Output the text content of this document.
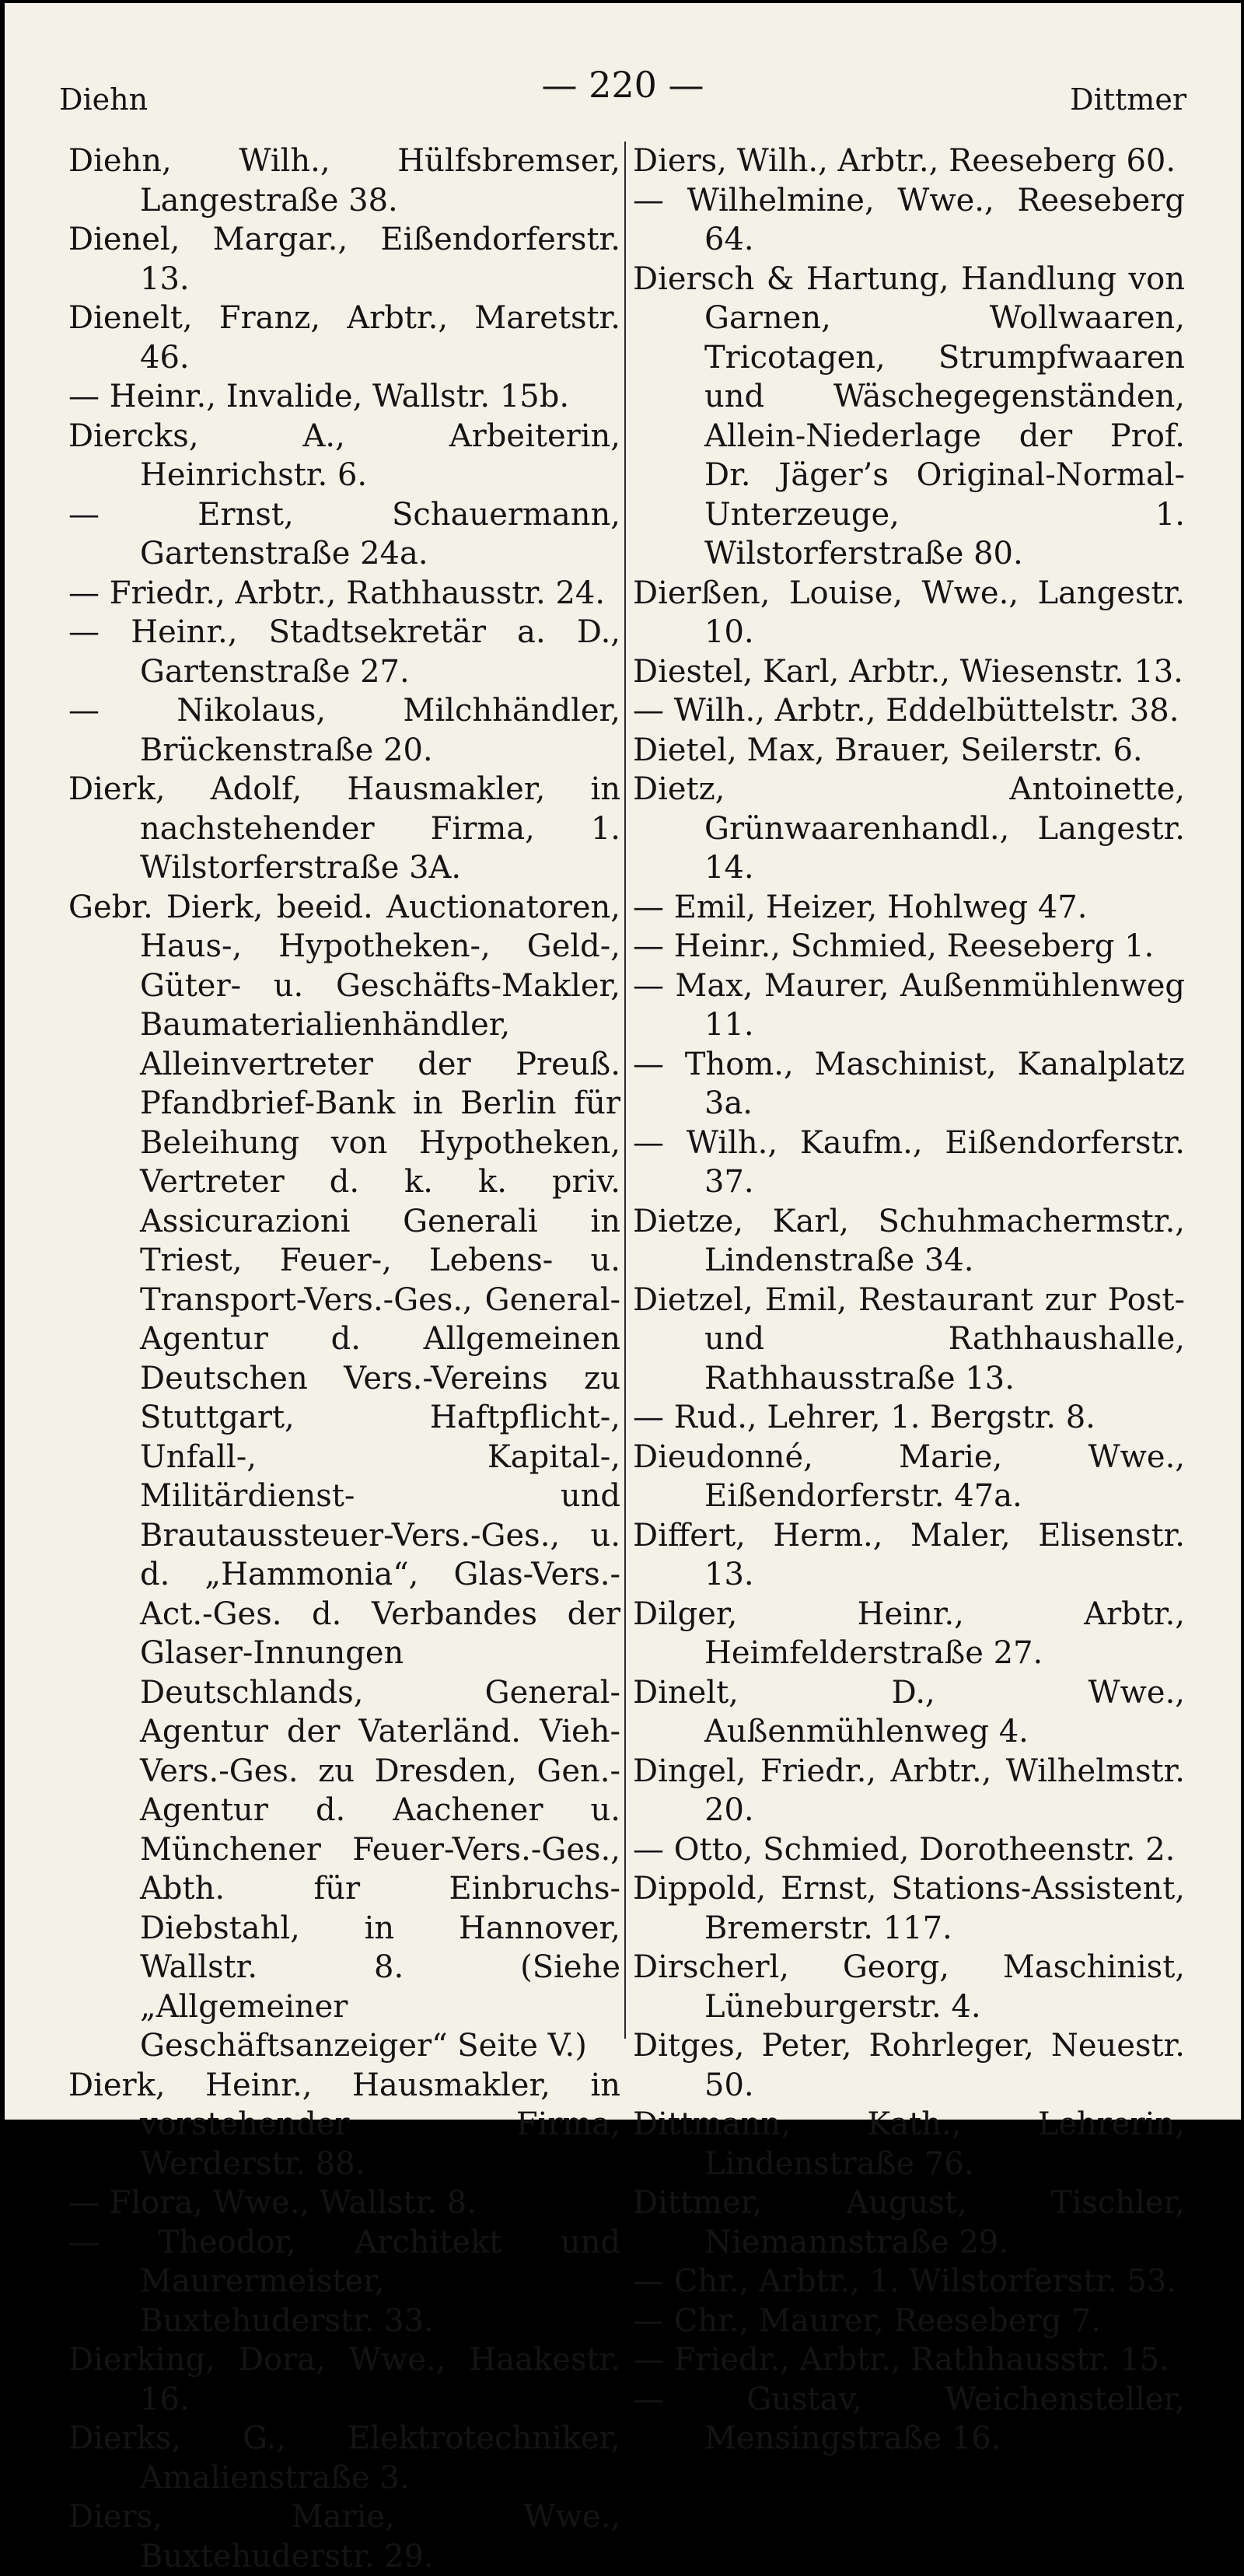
Diehn	— 220 —	Dittmer
Diehn, Wilh., Hülfsbremser, Langestraße 38.
Dienel, Margar., Eißendorferstr. 13.
Dienelt, Franz, Arbtr., Maretstr. 46.
— Heinr., Invalide, Wallstr. 15b.
Diercks, A., Arbeiterin, Heinrichstr. 6.
— Ernst, Schauermann, Gartenstraße 24a.
— Friedr., Arbtr., Rathhausstr. 24.
— Heinr., Stadtsekretär a. D., Gartenstraße 27.
— Nikolaus, Milchhändler, Brückenstraße 20.
Dierk, Adolf, Hausmakler, in nachstehender Firma, 1. Wilstorferstraße 3A.
Gebr. Dierk, beeid. Auctionatoren, Haus-, Hypotheken-, Geld-, Güter- u. Geschäfts-Makler, Baumaterialienhändler, Alleinvertreter der Preuß. Pfandbrief-Bank in Berlin für Beleihung von Hypotheken, Vertreter d. k. k. priv. Assicurazioni Generali in Triest, Feuer-, Lebens- u. Transport-Vers.-Ges., General-Agentur d. Allgemeinen Deutschen Vers.-Vereins zu Stuttgart, Haftpflicht-, Unfall-, Kapital-, Militärdienst- und Brautaussteuer-Vers.-Ges., u. d. „Hammonia“, Glas-Vers.-Act.-Ges. d. Verbandes der Glaser-Innungen Deutschlands, General-Agentur der Vaterländ. Vieh-Vers.-Ges. zu Dresden, Gen.-Agentur d. Aachener u. Münchener Feuer-Vers.-Ges., Abth. für Einbruchs-Diebstahl, in Hannover, Wallstr. 8. (Siehe „Allgemeiner Geschäftsanzeiger“ Seite V.)
Dierk, Heinr., Hausmakler, in vorstehender Firma, Werderstr. 88.
— Flora, Wwe., Wallstr. 8.
— Theodor, Architekt und Maurermeister, Buxtehuderstr. 33.
Dierking, Dora, Wwe., Haakestr. 16.
Dierks, G., Elektrotechniker, Amalienstraße 3.
Diers, Marie, Wwe., Buxtehuderstr. 29.
Diers, Wilh., Arbtr., Reeseberg 60.
— Wilhelmine, Wwe., Reeseberg 64.
Diersch & Hartung, Handlung von Garnen, Wollwaaren, Tricotagen, Strumpfwaaren und Wäschegegenständen, Allein-Niederlage der Prof. Dr. Jäger’s Original-Normal-Unterzeuge, 1. Wilstorferstraße 80.
Dierßen, Louise, Wwe., Langestr. 10.
Diestel, Karl, Arbtr., Wiesenstr. 13.
— Wilh., Arbtr., Eddelbüttelstr. 38.
Dietel, Max, Brauer, Seilerstr. 6.
Dietz, Antoinette, Grünwaarenhandl., Langestr. 14.
— Emil, Heizer, Hohlweg 47.
— Heinr., Schmied, Reeseberg 1.
— Max, Maurer, Außenmühlenweg 11.
— Thom., Maschinist, Kanalplatz 3a.
— Wilh., Kaufm., Eißendorferstr. 37.
Dietze, Karl, Schuhmachermstr., Lindenstraße 34.
Dietzel, Emil, Restaurant zur Post- und Rathhaushalle, Rathhausstraße 13.
— Rud., Lehrer, 1. Bergstr. 8.
Dieudonné, Marie, Wwe., Eißendorferstr. 47a.
Differt, Herm., Maler, Elisenstr. 13.
Dilger, Heinr., Arbtr., Heimfelderstraße 27.
Dinelt, D., Wwe., Außenmühlenweg 4.
Dingel, Friedr., Arbtr., Wilhelmstr. 20.
— Otto, Schmied, Dorotheenstr. 2.
Dippold, Ernst, Stations-Assistent, Bremerstr. 117.
Dirscherl, Georg, Maschinist, Lüneburgerstr. 4.
Ditges, Peter, Rohrleger, Neuestr. 50.
Dittmann, Kath., Lehrerin, Lindenstraße 76.
Dittmer, August, Tischler, Niemannstraße 29.
— Chr., Arbtr., 1. Wilstorferstr. 53.
— Chr., Maurer, Reeseberg 7.
— Friedr., Arbtr., Rathhausstr. 15.
— Gustav, Weichensteller, Mensingstraße 16.
